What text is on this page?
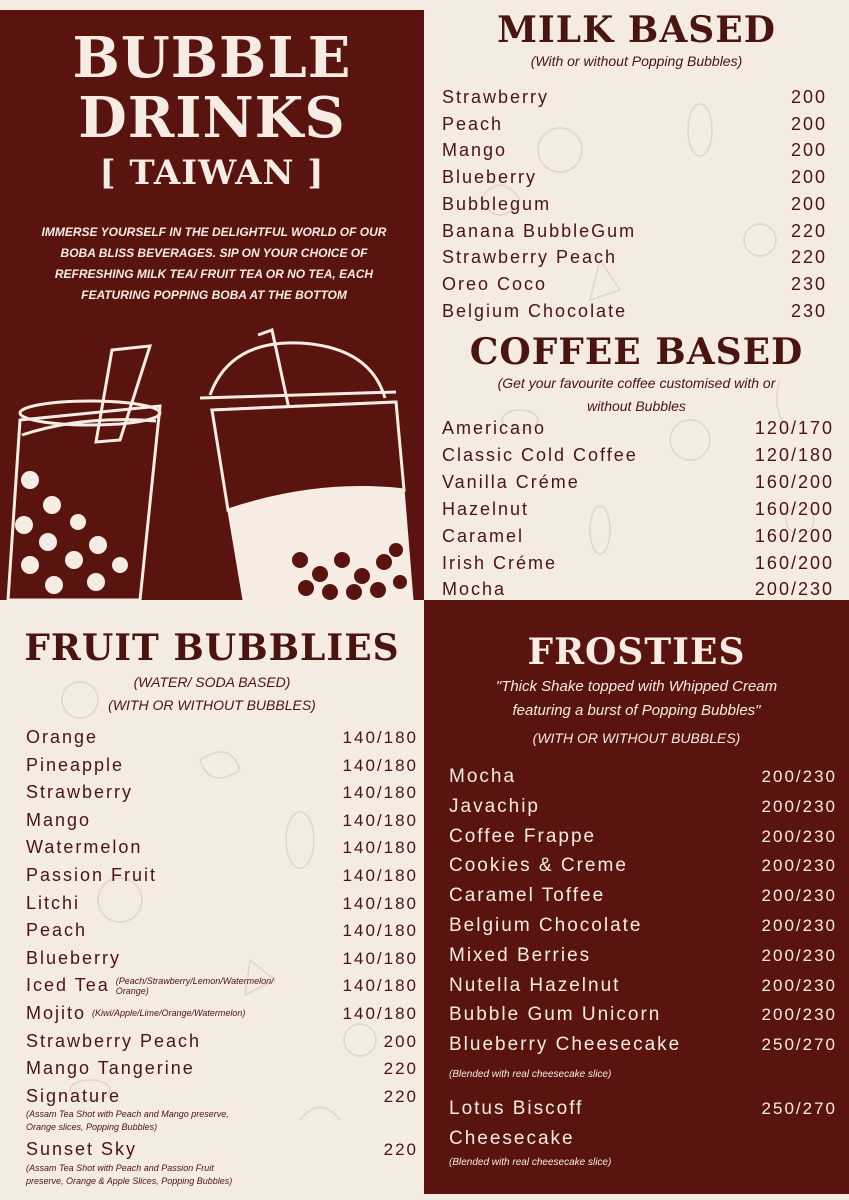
BUBBLE
DRINKS
[ TAIWAN ]
IMMERSE YOURSELF IN THE DELIGHTFUL WORLD OF OUR BOBA BLISS BEVERAGES. SIP ON YOUR CHOICE OF REFRESHING MILK TEA/ FRUIT TEA OR NO TEA, EACH FEATURING POPPING BOBA AT THE BOTTOM
MILK BASED
(With or without Popping Bubbles)
Strawberry	200
Peach	200
Mango	200
Blueberry	200
Bubblegum	200
Banana BubbleGum	220
Strawberry Peach	220
Oreo Coco	230
Belgium Chocolate	230
COFFEE BASED
(Get your favourite coffee customised with or
without Bubbles
Americano	120/170
Classic Cold Coffee	120/180
Vanilla Créme	160/200
Hazelnut	160/200
Caramel	160/200
Irish Créme	160/200
Mocha	200/230
FRUIT BUBBLIES
(WATER/ SODA BASED)
(WITH OR WITHOUT BUBBLES)
Orange	140/180
Pineapple	140/180
Strawberry	140/180
Mango	140/180
Watermelon	140/180
Passion Fruit	140/180
Litchi	140/180
Peach	140/180
Blueberry	140/180
Iced Tea (Peach/Strawberry/Lemon/Watermelon/
Orange)	140/180
Mojito (Kiwi/Apple/Lime/Orange/Watermelon)	140/180
Strawberry Peach	200
Mango Tangerine	220
Signature	220
(Assam Tea Shot with Peach and Mango preserve,
Orange slices, Popping Bubbles)
Sunset Sky	220
(Assam Tea Shot with Peach and Passion Fruit
preserve, Orange & Apple Slices, Popping Bubbles)
FROSTIES
"Thick Shake topped with Whipped Cream
featuring a burst of Popping Bubbles"
(WITH OR WITHOUT BUBBLES)
Mocha	200/230
Javachip	200/230
Coffee Frappe	200/230
Cookies & Creme	200/230
Caramel Toffee	200/230
Belgium Chocolate	200/230
Mixed Berries	200/230
Nutella Hazelnut	200/230
Bubble Gum Unicorn	200/230
Blueberry Cheesecake	250/270
(Blended with real cheesecake slice)
Lotus Biscoff	250/270
Cheesecake
(Blended with real cheesecake slice)
